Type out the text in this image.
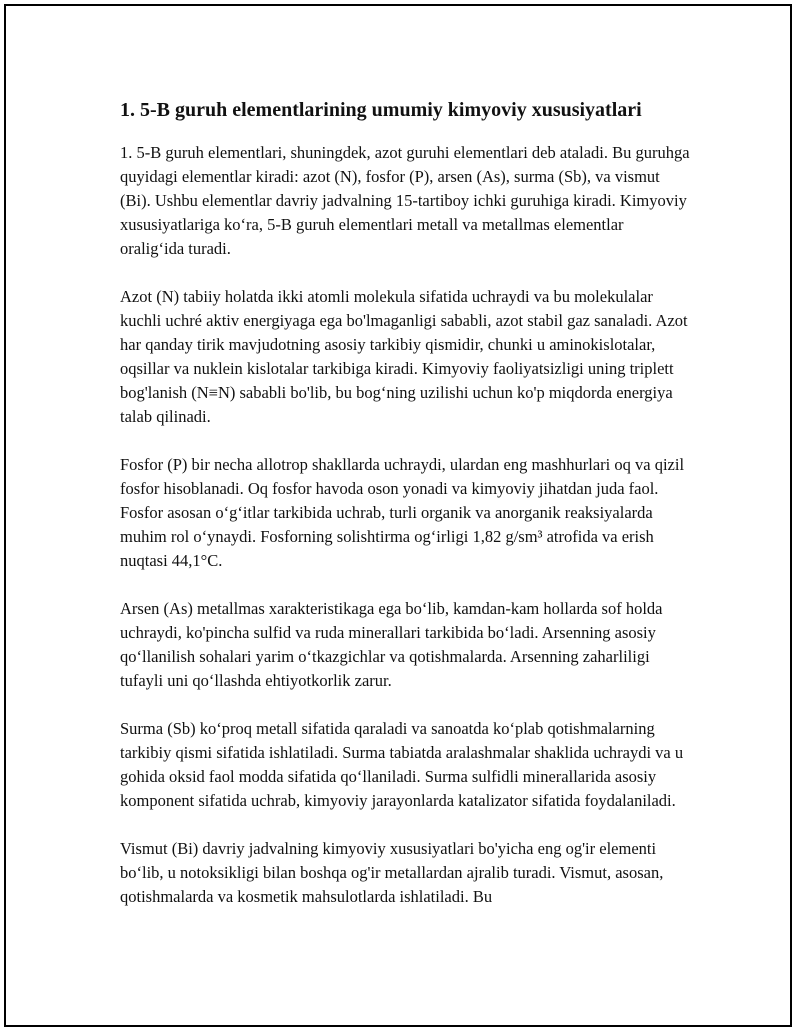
1. 5-B guruh elementlarining umumiy kimyoviy xususiyatlari

1. 5-B guruh elementlari, shuningdek, azot guruhi elementlari deb ataladi. Bu guruhga quyidagi elementlar kiradi: azot (N), fosfor (P), arsen (As), surma (Sb), va vismut (Bi). Ushbu elementlar davriy jadvalning 15-tartiboy ichki guruhiga kiradi. Kimyoviy xususiyatlariga ko‘ra, 5-B guruh elementlari metall va metallmas elementlar oralig‘ida turadi.

Azot (N) tabiiy holatda ikki atomli molekula sifatida uchraydi va bu molekulalar kuchli uchré aktiv energiyaga ega bo'lmaganligi sababli, azot stabil gaz sanaladi. Azot har qanday tirik mavjudotning asosiy tarkibiy qismidir, chunki u aminokislotalar, oqsillar va nuklein kislotalar tarkibiga kiradi. Kimyoviy faoliyatsizligi uning triplett bog'lanish (N≡N) sababli bo'lib, bu bog‘ning uzilishi uchun ko'p miqdorda energiya talab qilinadi.

Fosfor (P) bir necha allotrop shakllarda uchraydi, ulardan eng mashhurlari oq va qizil fosfor hisoblanadi. Oq fosfor havoda oson yonadi va kimyoviy jihatdan juda faol. Fosfor asosan o‘g‘itlar tarkibida uchrab, turli organik va anorganik reaksiyalarda muhim rol o‘ynaydi. Fosforning solishtirma og‘irligi 1,82 g/sm³ atrofida va erish nuqtasi 44,1°C.

Arsen (As) metallmas xarakteristikaga ega bo‘lib, kamdan-kam hollarda sof holda uchraydi, ko'pincha sulfid va ruda minerallari tarkibida bo‘ladi. Arsenning asosiy qo‘llanilish sohalari yarim o‘tkazgichlar va qotishmalarda. Arsenning zaharliligi tufayli uni qo‘llashda ehtiyotkorlik zarur.

Surma (Sb) ko‘proq metall sifatida qaraladi va sanoatda ko‘plab qotishmalarning tarkibiy qismi sifatida ishlatiladi. Surma tabiatda aralashmalar shaklida uchraydi va u gohida oksid faol modda sifatida qo‘llaniladi. Surma sulfidli minerallarida asosiy komponent sifatida uchrab, kimyoviy jarayonlarda katalizator sifatida foydalaniladi.

Vismut (Bi) davriy jadvalning kimyoviy xususiyatlari bo'yicha eng og'ir elementi bo‘lib, u notoksikligi bilan boshqa og'ir metallardan ajralib turadi. Vismut, asosan, qotishmalarda va kosmetik mahsulotlarda ishlatiladi. Bu
